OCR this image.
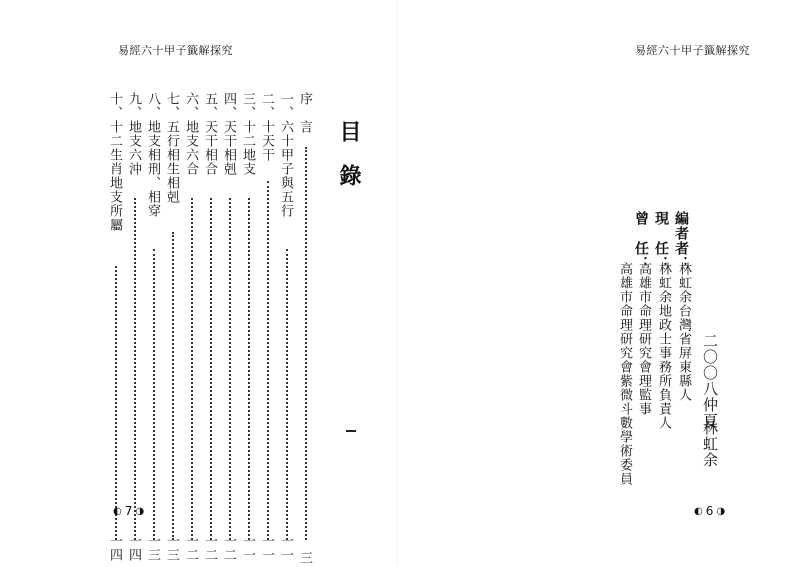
易經六十甲子籤解探究
目錄
序　言
三
一、六十甲子與五行
一一
二、十天干
一一
三、十二地支
一一
四、天干相剋
一二
五、天干相合
一二
六、地支六合
一二
七、五行相生相剋
一三
八、地支相刑、相穿
一三
九、地支六沖
一四
十、十二生肖地支所屬
一四
◐ 7 ◑
易經六十甲子籤解探究
二〇〇八仲夏
林虹余
編者者：
林虹余台灣省屏東縣人
現　任：
林虹余地政士事務所負責人
曾　任：
高雄市命理研究會理監事
高雄市命理研究會紫微斗數學術委員
◐ 6 ◑
